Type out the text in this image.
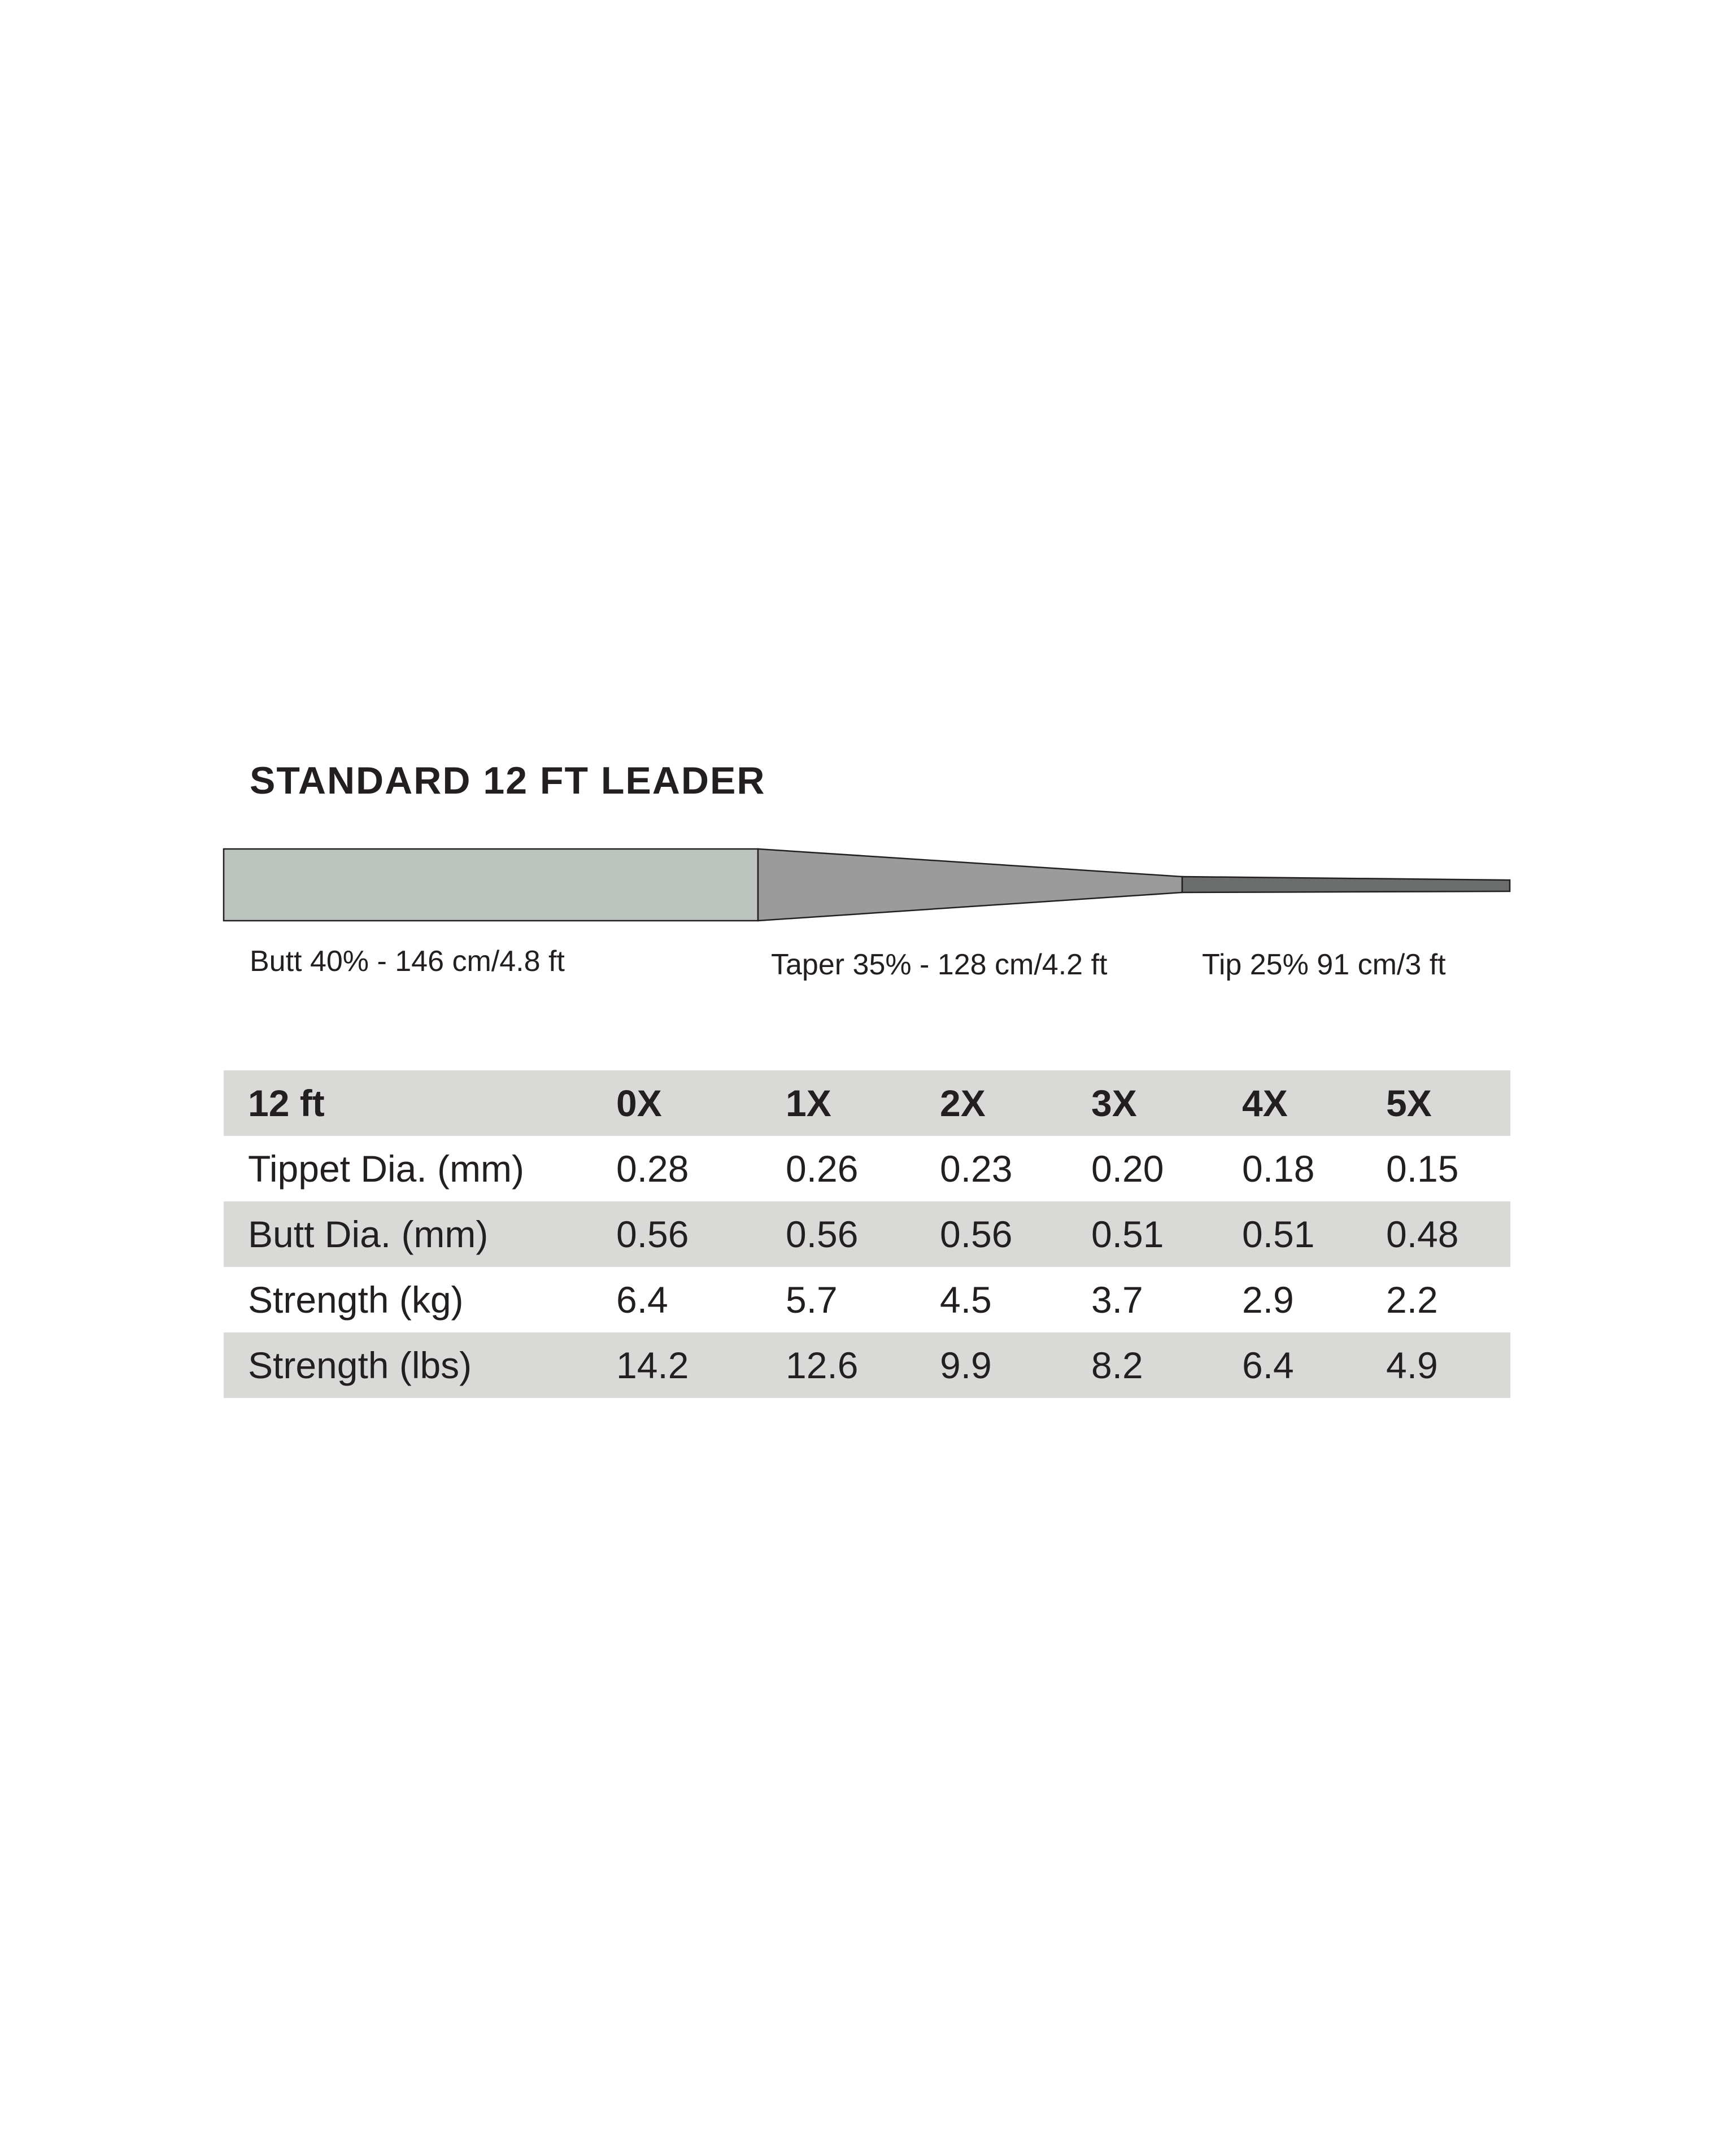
STANDARD 12 FT LEADER
Butt 40% - 146 cm/4.8 ft	Taper 35% - 128 cm/4.2 ft	Tip 25% 91 cm/3 ft
12 ft	0X	1X	2X	3X	4X	5X
Tippet Dia. (mm) 0.28	0.26 0.23 0.20 0.18 0.15
Butt Dia. (mm)	0.56	0.56 0.56 0.51 0.51 0.48
Strength (kg)	6.4	5.7	4.5	3.7	2.9 2.2
Strength (lbs)	14.2	12.6 9.9	8.2	6.4 4.9
